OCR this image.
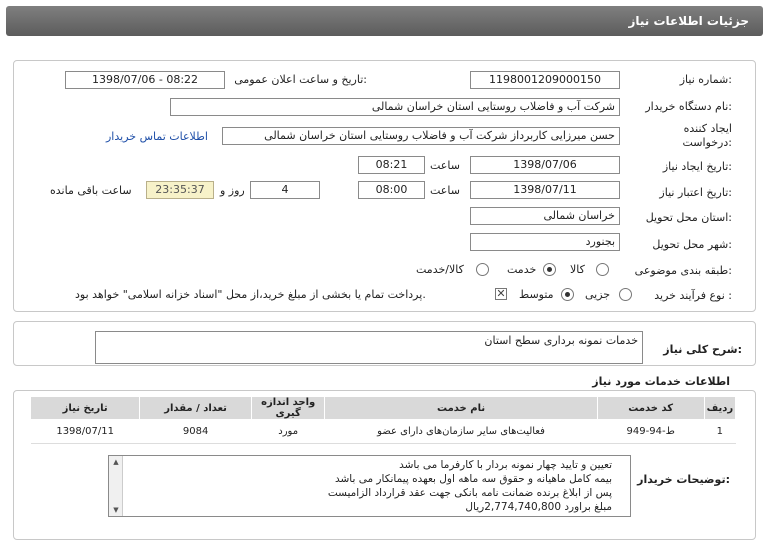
جزئیات اطلاعات نیاز
شماره نیاز:
1198001209000150
تاریخ و ساعت اعلان عمومی:
1398/07/06 - 08:22
نام دستگاه خریدار:
شرکت آب و فاضلاب روستایی استان خراسان شمالی
ایجاد کننده
درخواست:
حسن میرزایی کاربرداز شرکت آب و فاضلاب روستایی استان خراسان شمالی
اطلاعات تماس خریدار
تاریخ ایجاد نیاز:
1398/07/06
ساعت
08:21
تاریخ اعتبار نیاز:
1398/07/11
ساعت
08:00
4
روز و
23:35:37
ساعت باقی مانده
استان محل تحویل:
خراسان شمالی
شهر محل تحویل:
بجنورد
طبقه بندی موضوعی:
کالا
خدمت
کالا/خدمت
نوع فرآیند خرید :
جزیی
متوسط
✕
پرداخت تمام یا بخشی از مبلغ خرید،از محل "اسناد خزانه اسلامی" خواهد بود.
شرح کلی نیاز:
خدمات نمونه برداری سطح استان
اطلاعات خدمات مورد نیاز
تاریخ نیاز	تعداد / مقدار	واحد اندازه گیری	نام خدمت	کد خدمت	ردیف
1398/07/11	9084	مورد	فعالیت‌های سایر سازمان‌های دارای عضو	ط-94-949	1
توضیحات خریدار:
▲
▼
تعیین و تایید چهار نمونه بردار با کارفرما می باشد
بیمه کامل ماهیانه و حقوق سه ماهه اول بعهده پیمانکار می باشد
پس از ابلاغ برنده ضمانت نامه بانکی جهت عقد قرارداد الزامیست
مبلغ براورد 2,774,740,800ریال
